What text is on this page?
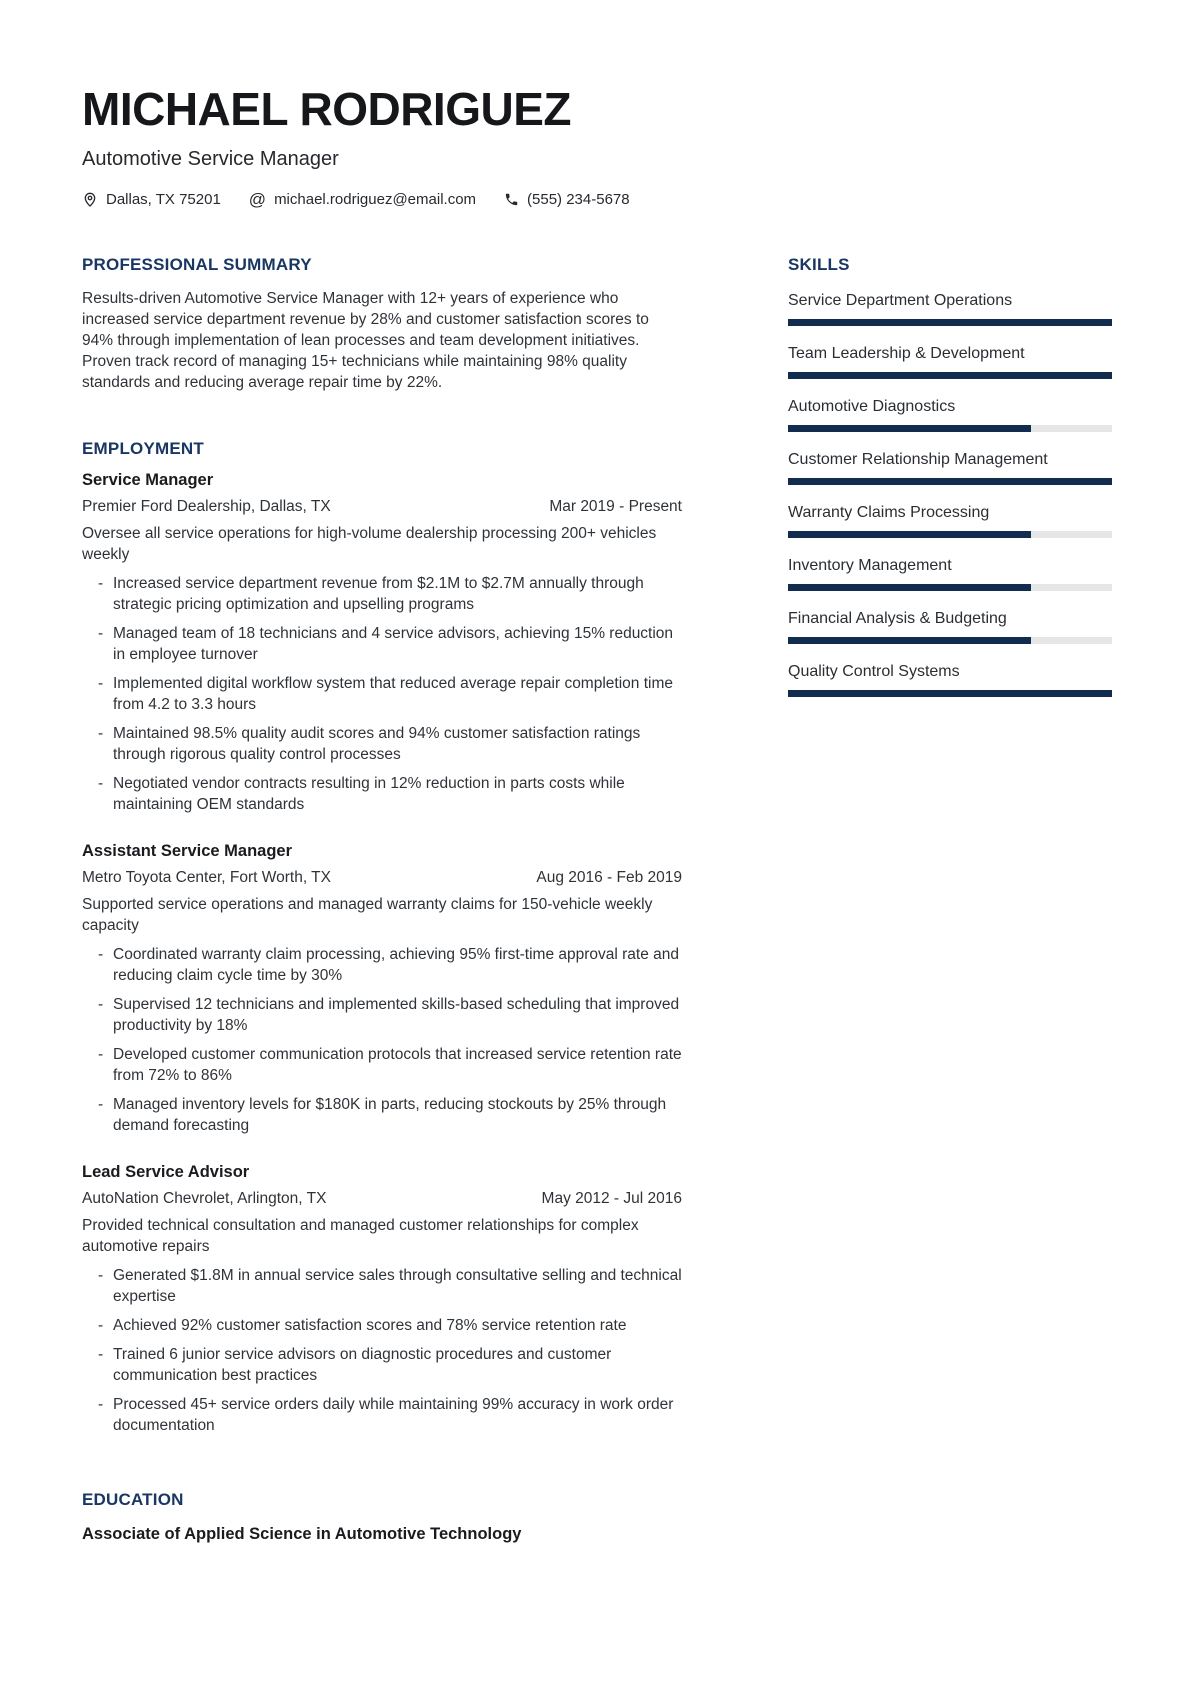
MICHAEL RODRIGUEZ
Automotive Service Manager
Dallas, TX 75201 @ michael.rodriguez@email.com	(555) 234-5678
PROFESSIONAL SUMMARY

Results-driven Automotive Service Manager with 12+ years of experience who increased service department revenue by 28% and customer satisfaction scores to 94% through implementation of lean processes and team development initiatives. Proven track record of managing 15+ technicians while maintaining 98% quality standards and reducing average repair time by 22%.

EMPLOYMENT
Service Manager
Premier Ford Dealership, Dallas, TX	Mar 2019 - Present

Oversee all service operations for high-volume dealership processing 200+ vehicles weekly

- Increased service department revenue from $2.1M to $2.7M annually through strategic pricing optimization and upselling programs
- Managed team of 18 technicians and 4 service advisors, achieving 15% reduction in employee turnover
- Implemented digital workflow system that reduced average repair completion time from 4.2 to 3.3 hours
- Maintained 98.5% quality audit scores and 94% customer satisfaction ratings through rigorous quality control processes
- Negotiated vendor contracts resulting in 12% reduction in parts costs while maintaining OEM standards
Assistant Service Manager
Metro Toyota Center, Fort Worth, TX	Aug 2016 - Feb 2019

Supported service operations and managed warranty claims for 150-vehicle weekly capacity

- Coordinated warranty claim processing, achieving 95% first-time approval rate and reducing claim cycle time by 30%
- Supervised 12 technicians and implemented skills-based scheduling that improved productivity by 18%
- Developed customer communication protocols that increased service retention rate from 72% to 86%
- Managed inventory levels for $180K in parts, reducing stockouts by 25% through demand forecasting
Lead Service Advisor
AutoNation Chevrolet, Arlington, TX	May 2012 - Jul 2016

Provided technical consultation and managed customer relationships for complex automotive repairs

- Generated $1.8M in annual service sales through consultative selling and technical expertise
- Achieved 92% customer satisfaction scores and 78% service retention rate
- Trained 6 junior service advisors on diagnostic procedures and customer communication best practices
- Processed 45+ service orders daily while maintaining 99% accuracy in work order documentation
EDUCATION
Associate of Applied Science in Automotive Technology
SKILLS
Service Department Operations
Team Leadership & Development
Automotive Diagnostics
Customer Relationship Management
Warranty Claims Processing
Inventory Management
Financial Analysis & Budgeting
Quality Control Systems
